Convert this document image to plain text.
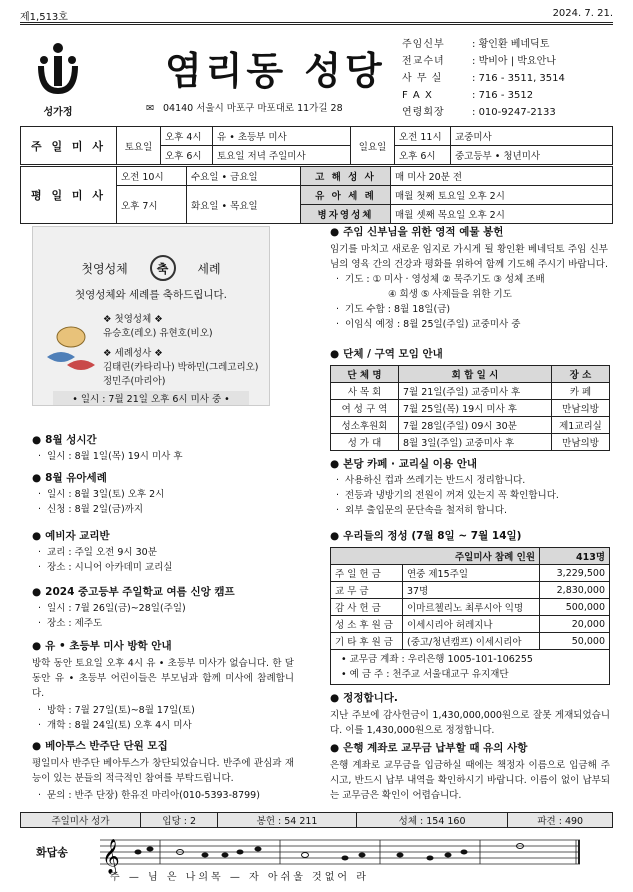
제1,513호	2024. 7. 21.
성가정
염리동 성당
✉ 04140 서울시 마포구 마포대로 11가길 28
주임신부	: 황인환 베네딕토
전교수녀	: 박비아 | 박요안나
사 무 실	: 716 - 3511, 3514
F A X	: 716 - 3512
연령회장	: 010-9247-2133
주 일 미 사	토요일	오후 4시	유 • 초등부 미사	일요일	오전 11시	교중미사
		오후 6시	토요일 저녁 주일미사		오후 6시	중고등부 • 청년미사
평 일 미 사	오전 10시	수요일 • 금요일	고 해 성 사	매 미사 20분 전
	오후 7시	화요일 • 목요일	유 아 세 례	매월 첫째 토요일 오후 2시
			병자영성체	매월 셋째 목요일 오후 2시
첫영성체 축 세례
첫영성체와 세례를 축하드립니다.
❖ 첫영성체 ❖
유승호(레오) 유현호(비오)
❖ 세례성사 ❖
김태린(카타리나) 박하민(그레고리오)
정민주(마리아)
• 일시 : 7월 21일 오후 6시 미사 중 •
● 8월 성시간
· 일시 : 8월 1일(목) 19시 미사 후
● 8월 유아세례
· 일시 : 8월 3일(토) 오후 2시
· 신청 : 8월 2일(금)까지
● 예비자 교리반
· 교리 : 주일 오전 9시 30분
· 장소 : 시니어 아카데미 교리실
● 2024 중고등부 주일학교 여름 신앙 캠프
· 일시 : 7월 26일(금)~28일(주일)
· 장소 : 제주도
● 유 • 초등부 미사 방학 안내
방학 동안 토요일 오후 4시 유 • 초등부 미사가 없습니다. 한 달 동안 유 • 초등부 어린이들은 부모님과 함께 미사에 참례합니다.
· 방학 : 7월 27일(토)~8월 17일(토)
· 개학 : 8월 24일(토) 오후 4시 미사
● 베아투스 반주단 단원 모집
평일미사 반주단 베아투스가 창단되었습니다. 반주에 관심과 재능이 있는 분들의 적극적인 참여를 부탁드립니다.
· 문의 : 반주 단장) 한유진 마리아(010-5393-8799)
● 주임 신부님을 위한 영적 예물 봉헌
임기를 마치고 새로운 임지로 가시게 될 황인환 베네딕토 주임 신부님의 영육 간의 건강과 평화를 위하여 함께 기도해 주시기 바랍니다.
· 기도 : ① 미사 · 영성체 ② 묵주기도 ③ 성체 조배
④ 희생 ⑤ 사제들을 위한 기도
· 기도 수합 : 8월 18일(금)
· 이임식 예정 : 8월 25일(주일) 교중미사 중
● 단체 / 구역 모임 안내
단 체 명	회 합 일 시	장 소
사 목 회	7월 21일(주일) 교중미사 후	카 페
여 성 구 역	7월 25일(목) 19시 미사 후	만남의방
성소후원회	7월 28일(주일) 09시 30분	제1교리실
성 가 대	8월 3일(주일) 교중미사 후	만남의방
● 본당 카페 · 교리실 이용 안내
· 사용하신 컵과 쓰레기는 반드시 정리합니다.
· 전등과 냉방기의 전원이 꺼져 있는지 꼭 확인합니다.
· 외부 출입문의 문단속을 철저히 합니다.
● 우리들의 정성 (7월 8일 ~ 7월 14일)
주일미사 참례 인원		413명
주 일 헌 금	연중 제15주일	3,229,500
교 무 금	37명	2,830,000
감 사 헌 금	이마르첼리노 최루시아 익명	500,000
성 소 후 원 금	이세시리아 허레지나	20,000
기 타 후 원 금	(중고/청년캠프) 이세시리아	50,000
• 교무금 계좌 : 우리은행 1005-101-106255
• 예 금 주 : 천주교 서울대교구 유지재단
● 정정합니다.
지난 주보에 감사헌금이 1,430,000,000원으로 잘못 게재되었습니다. 이를 1,430,000원으로 정정합니다.
● 은행 계좌로 교무금 납부할 때 유의 사항
은행 계좌로 교무금을 입금하실 때에는 책정자 이름으로 입금해 주시고, 반드시 납부 내역을 확인하시기 바랍니다. 이름이 없이 납부되는 교무금은 확인이 어렵습니다.
주일미사 성가	입당 : 2	봉헌 : 54 211	성체 : 154 160	파견 : 490
화답송 𝄞
주 — 님 은 나의목 — 자 아쉬울 것없어 라
